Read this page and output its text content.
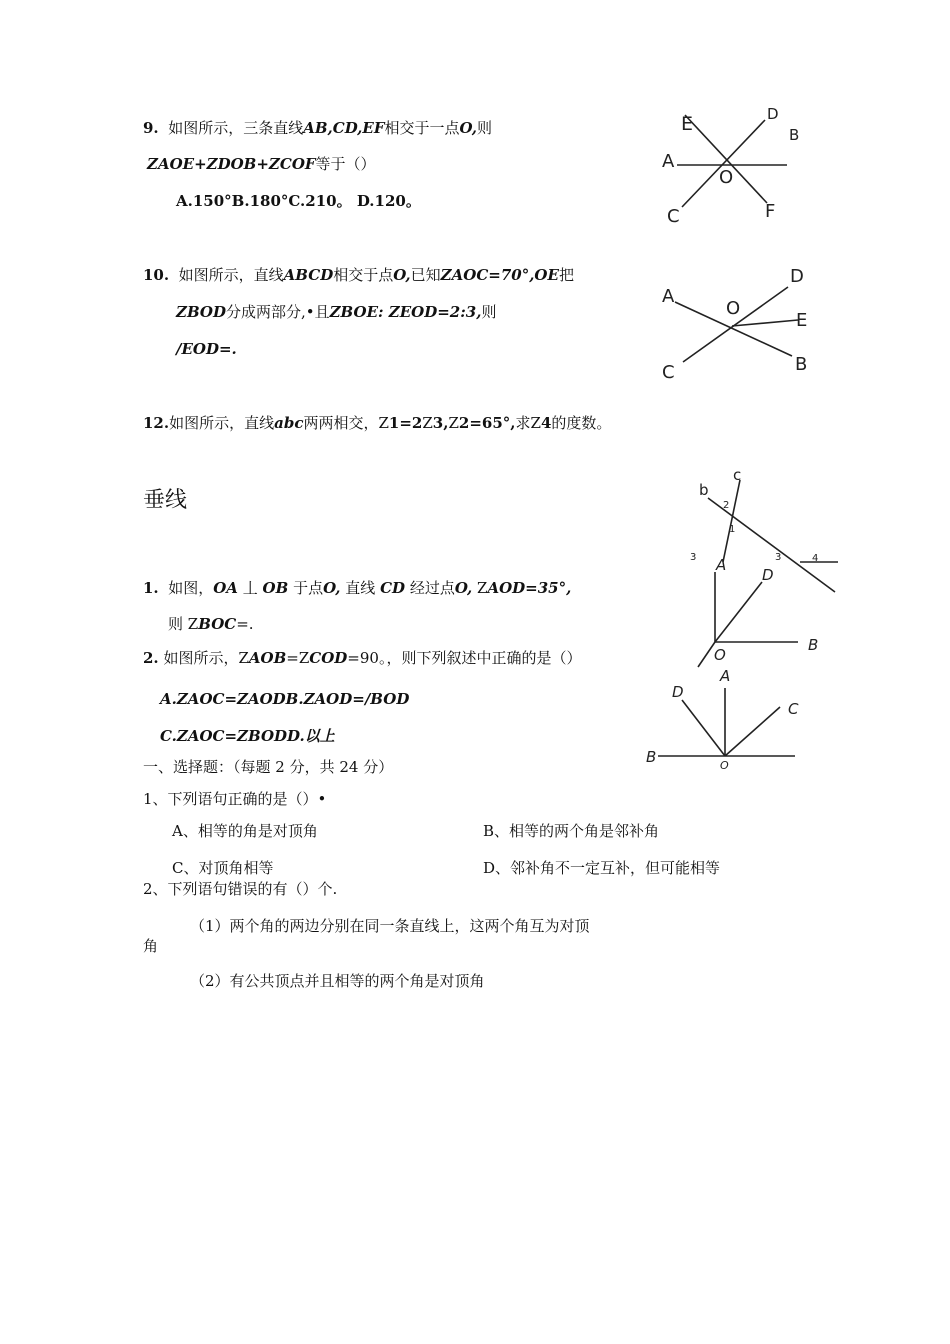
9. 如图所示，三条直线AB,CD,EF相交于一点O,则
ZAOE+ZDOB+ZCOF等于（）
A.150°B.180°C.210。 D.120。
10. 如图所示，直线ABCD相交于点O,已知ZAOC=70°,OE把
ZBOD分成两部分,•且ZBOE: ZEOD=2:3,则
/EOD=.
12.如图所示，直线abc两两相交，Z1=2Z3,Z2=65°,求Z4的度数。
垂线
1. 如图，OA 丄 OB 于点O, 直线 CD 经过点O, ZAOD=35°,
则 ZBOC=.
2. 如图所示，ZAOB=ZCOD=90。，则下列叙述中正确的是（）
A.ZAOC=ZAODB.ZAOD=/BOD
C.ZAOC=ZBODD.以上
一、选择题：（每题 2 分，共 24 分）
1、下列语句正确的是（）•
A、相等的角是对顶角	B、相等的两个角是邻补角
C、对顶角相等	D、邻补角不一定互补，但可能相等
2、下列语句错误的有（）个.
（1）两个角的两边分别在同一条直线上，这两个角互为对顶
角
（2）有公共顶点并且相等的两个角是对顶角
E	D
B
A
O
C	F
A
D
O
E
B
C
c
b
2
1
3	4
3
A
D
B
O
A
D
C
B	O
